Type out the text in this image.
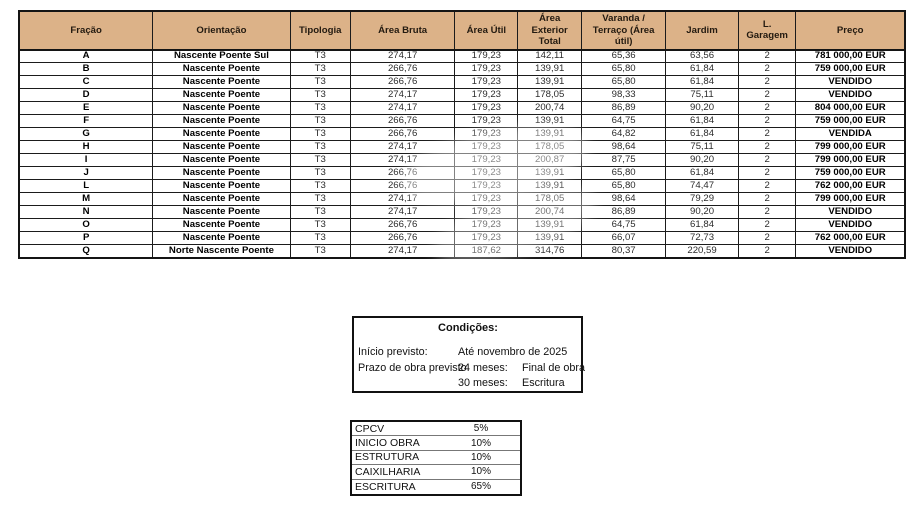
Fração	Orientação	Tipologia	Área Bruta	Área Útil	Área Exterior Total	Varanda / Terraço (Área útil)	Jardim	L. Garagem	Preço
A	Nascente Poente Sul	T3	274,17	179,23	142,11	65,36	63,56	2	781 000,00 EUR
B	Nascente Poente	T3	266,76	179,23	139,91	65,80	61,84	2	759 000,00 EUR
C	Nascente Poente	T3	266,76	179,23	139,91	65,80	61,84	2	VENDIDO
D	Nascente Poente	T3	274,17	179,23	178,05	98,33	75,11	2	VENDIDO
E	Nascente Poente	T3	274,17	179,23	200,74	86,89	90,20	2	804 000,00 EUR
F	Nascente Poente	T3	266,76	179,23	139,91	64,75	61,84	2	759 000,00 EUR
G	Nascente Poente	T3	266,76	179,23	139,91	64,82	61,84	2	VENDIDA
H	Nascente Poente	T3	274,17	179,23	178,05	98,64	75,11	2	799 000,00 EUR
I	Nascente Poente	T3	274,17	179,23	200,87	87,75	90,20	2	799 000,00 EUR
J	Nascente Poente	T3	266,76	179,23	139,91	65,80	61,84	2	759 000,00 EUR
L	Nascente Poente	T3	266,76	179,23	139,91	65,80	74,47	2	762 000,00 EUR
M	Nascente Poente	T3	274,17	179,23	178,05	98,64	79,29	2	799 000,00 EUR
N	Nascente Poente	T3	274,17	179,23	200,74	86,89	90,20	2	VENDIDO
O	Nascente Poente	T3	266,76	179,23	139,91	64,75	61,84	2	VENDIDO
P	Nascente Poente	T3	266,76	179,23	139,91	66,07	72,73	2	762 000,00 EUR
Q	Norte Nascente Poente	T3	274,17	187,62	314,76	80,37	220,59	2	VENDIDO
Condições:
Início previsto:	Até novembro de 2025
Prazo de obra previsto
24 meses:	Final de obra
30 meses:	Escritura
CPCV	5%
INICIO OBRA	10%
ESTRUTURA	10%
CAIXILHARIA	10%
ESCRITURA	65%
